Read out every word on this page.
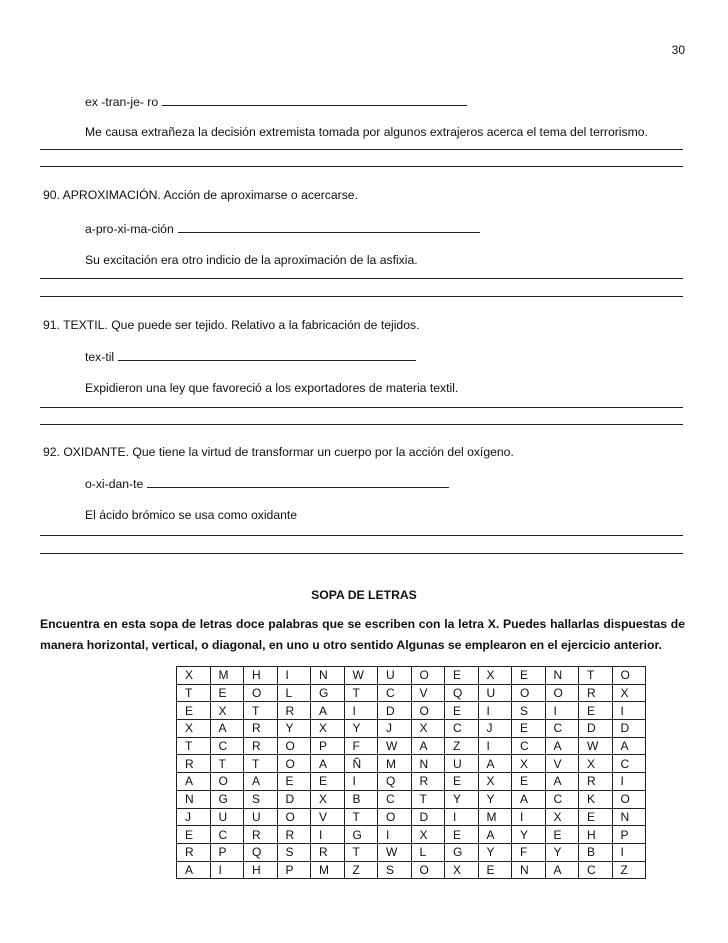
30
ex -tran-je- ro
Me causa extrañeza la decisión extremista tomada por algunos extrajeros acerca el tema del terrorismo.
90. APROXIMACIÓN. Acción de aproximarse o acercarse.
a-pro-xi-ma-ción
Su excitación era otro indicio de la aproximación de la asfixia.
91. TEXTIL. Que puede ser tejido. Relativo a la fabricación de tejidos.
tex-til
Expidieron una ley que favoreció a los exportadores de materia textil.
92. OXIDANTE. Que tiene la virtud de transformar un cuerpo por la acción del oxígeno.
o-xi-dan-te
El ácido brómico se usa como oxidante
SOPA DE LETRAS
Encuentra en esta sopa de letras doce palabras que se escriben con la letra X. Puedes hallarlas dispuestas de manera horizontal, vertical, o diagonal, en uno u otro sentido Algunas se emplearon en el ejercicio anterior.
X	M	H	I	N	W	U	O	E	X	E	N	T	O
T	E	O	L	G	T	C	V	Q	U	O	O	R	X
E	X	T	R	A	I	D	O	E	I	S	I	E	I
X	A	R	Y	X	Y	J	X	C	J	E	C	D	D
T	C	R	O	P	F	W	A	Z	I	C	A	W	A
R	T	T	O	A	Ñ	M	N	U	A	X	V	X	C
A	O	A	E	E	I	Q	R	E	X	E	A	R	I
N	G	S	D	X	B	C	T	Y	Y	A	C	K	O
J	U	U	O	V	T	O	D	I	M	I	X	E	N
E	C	R	R	I	G	I	X	E	A	Y	E	H	P
R	P	Q	S	R	T	W	L	G	Y	F	Y	B	I
A	I	H	P	M	Z	S	O	X	E	N	A	C	Z
